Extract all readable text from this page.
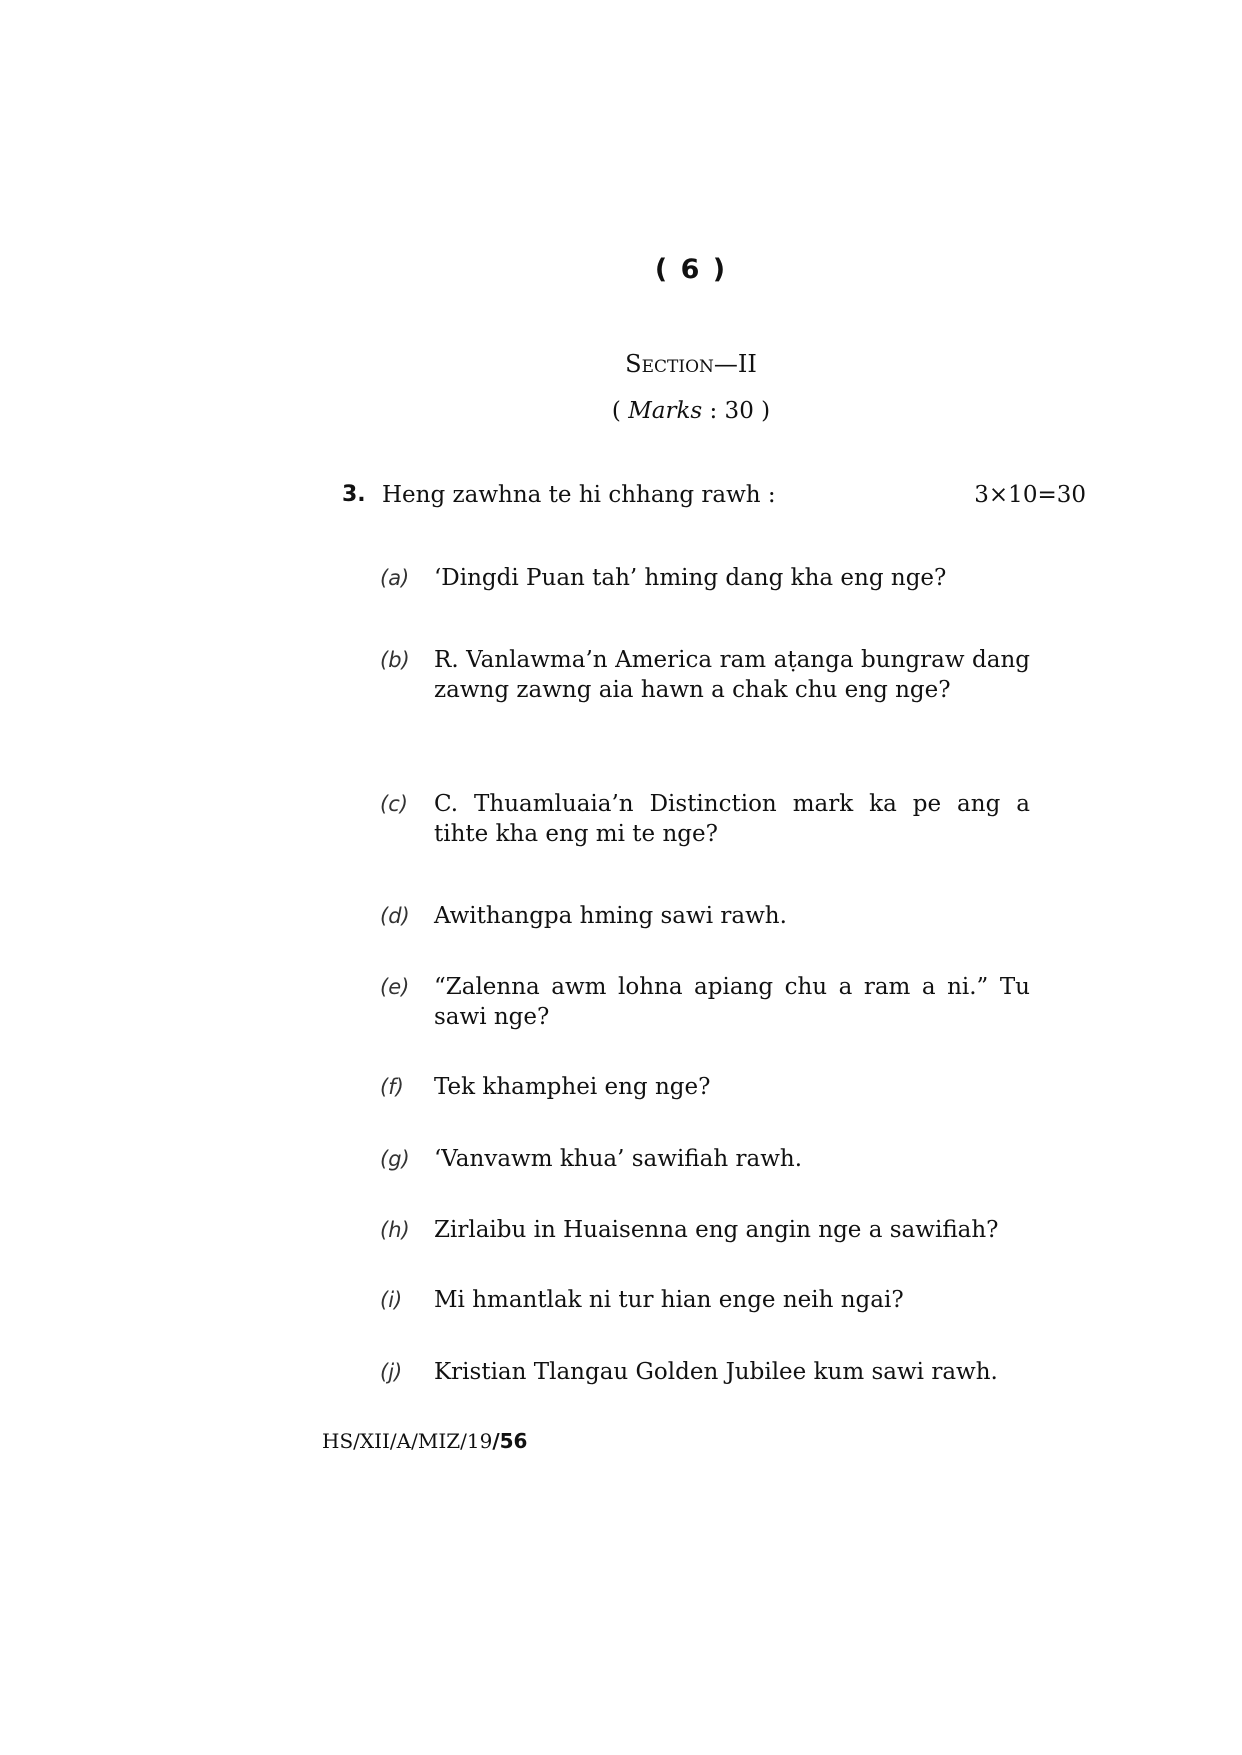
( 6 )
Section—II
( Marks : 30 )
3. Heng zawhna te hi chhang rawh :	3×10=30
(a) ‘Dingdi Puan tah’ hming dang kha eng nge?
(b) R. Vanlawma’n America ram aṭanga bungraw dang zawng zawng aia hawn a chak chu eng nge?
(c) C. Thuamluaia’n Distinction mark ka pe ang a tihte kha eng mi te nge?
(d) Awithangpa hming sawi rawh.
(e) “Zalenna awm lohna apiang chu a ram a ni.” Tu sawi nge?
(f) Tek khamphei eng nge?
(g) ‘Vanvawm khua’ sawifiah rawh.
(h) Zirlaibu in Huaisenna eng angin nge a sawifiah?
(i) Mi hmantlak ni tur hian enge neih ngai?
(j) Kristian Tlangau Golden Jubilee kum sawi rawh.
HS/XII/A/MIZ/19/56
